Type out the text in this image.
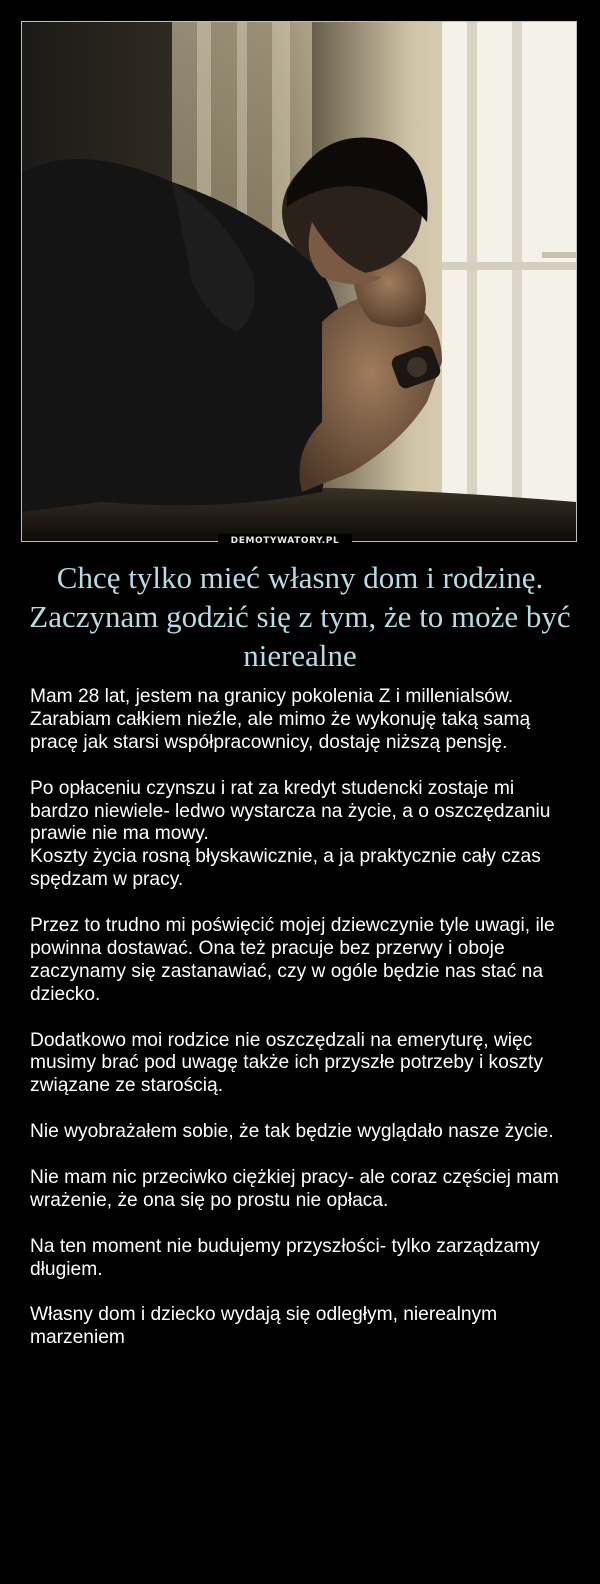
DEMOTYWATORY.PL
Chcę tylko mieć własny dom i rodzinę. Zaczynam godzić się z tym, że to może być nierealne

Mam 28 lat, jestem na granicy pokolenia Z i millenialsów.
Zarabiam całkiem nieźle, ale mimo że wykonuję taką samą pracę jak starsi współpracownicy, dostaję niższą pensję.

Po opłaceniu czynszu i rat za kredyt studencki zostaje mi bardzo niewiele- ledwo wystarcza na życie, a o oszczędzaniu prawie nie ma mowy.
Koszty życia rosną błyskawicznie, a ja praktycznie cały czas spędzam w pracy.

Przez to trudno mi poświęcić mojej dziewczynie tyle uwagi, ile powinna dostawać. Ona też pracuje bez przerwy i oboje zaczynamy się zastanawiać, czy w ogóle będzie nas stać na dziecko.

Dodatkowo moi rodzice nie oszczędzali na emeryturę, więc musimy brać pod uwagę także ich przyszłe potrzeby i koszty związane ze starością.

Nie wyobrażałem sobie, że tak będzie wyglądało nasze życie.

Nie mam nic przeciwko ciężkiej pracy- ale coraz częściej mam wrażenie, że ona się po prostu nie opłaca.

Na ten moment nie budujemy przyszłości- tylko zarządzamy długiem.

Własny dom i dziecko wydają się odległym, nierealnym marzeniem
